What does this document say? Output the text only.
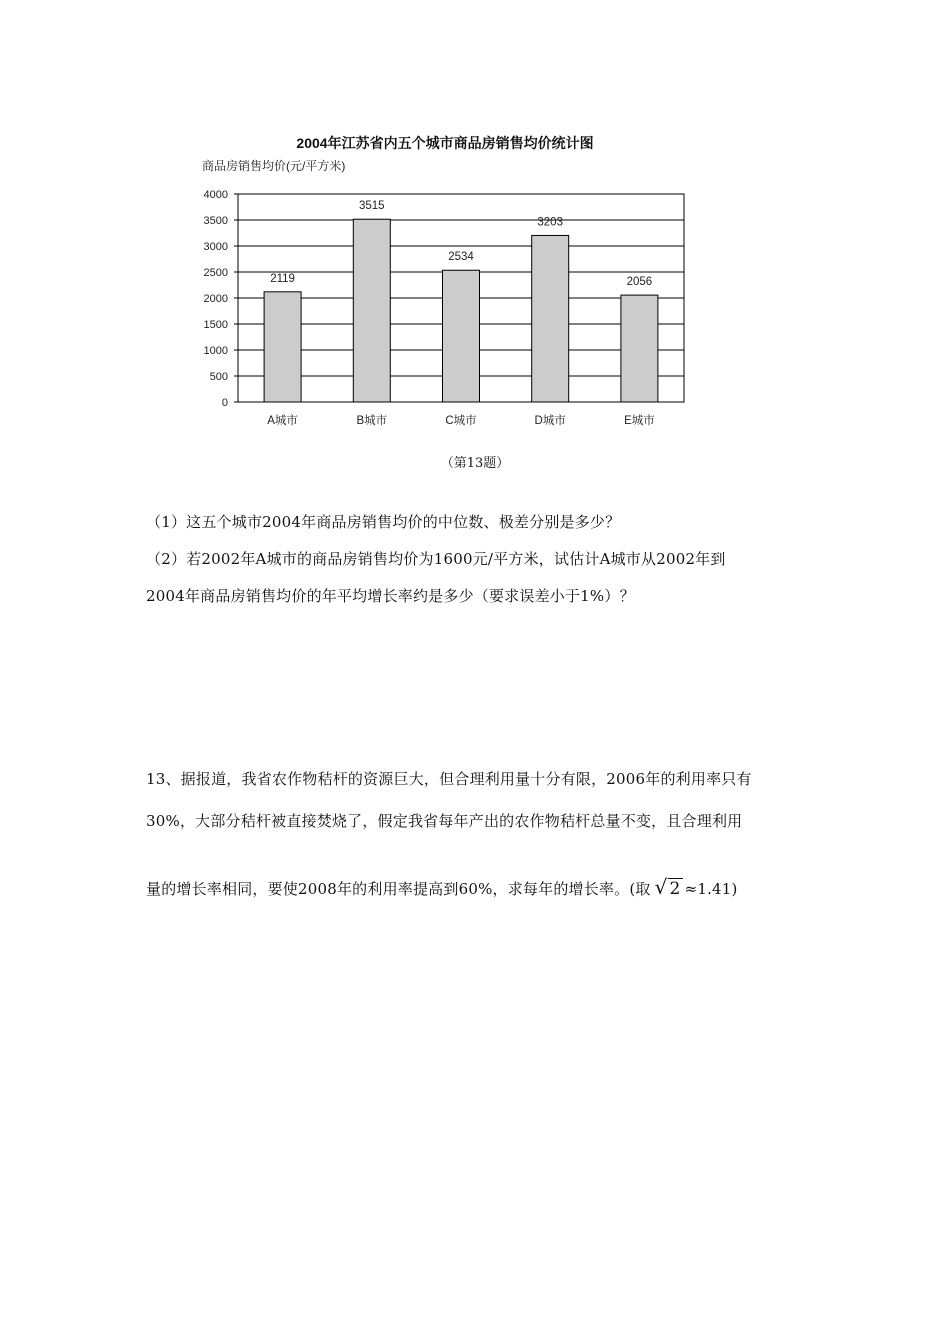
2004年江苏省内五个城市商品房销售均价统计图
商品房销售均价(元/平方米)
0
500
1000
1500
2000
2500
3000
3500
4000
2119
A城市
3515
B城市
2534
C城市
3203
D城市
2056
E城市
（第13题）
（1）这五个城市2004年商品房销售均价的中位数、极差分别是多少？
（2）若2002年A城市的商品房销售均价为1600元/平方米，试估计A城市从2002年到
2004年商品房销售均价的年平均增长率约是多少（要求误差小于1%）？
13、据报道，我省农作物秸杆的资源巨大，但合理利用量十分有限，2006年的利用率只有
30%，大部分秸杆被直接焚烧了，假定我省每年产出的农作物秸杆总量不变，且合理利用
量的增长率相同，要使2008年的利用率提高到60%，求每年的增长率。(取 √ 2 ≈1.41)
